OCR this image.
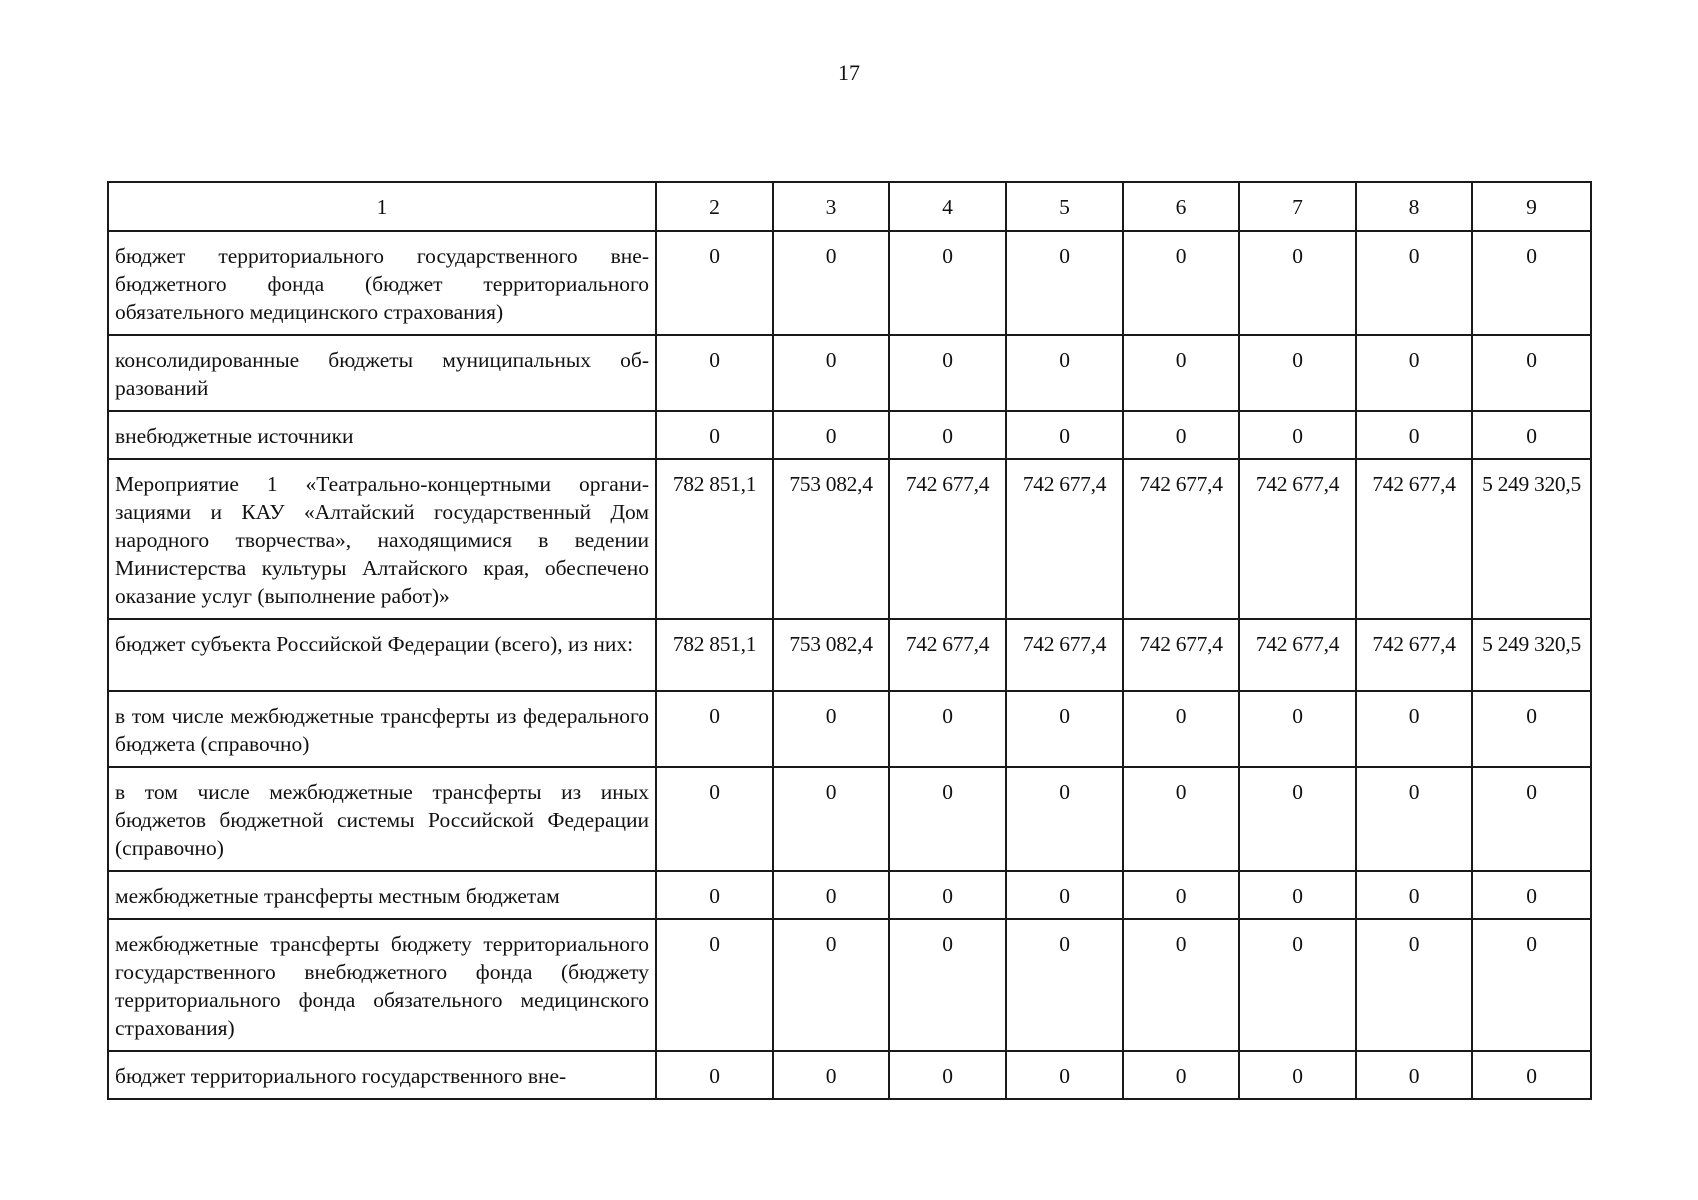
17
1	2	3	4	5	6	7	8	9
бюджет территориального государственного внебюджетного фонда (бюджет территориального обязательного медицинского страхования)	0	0	0	0	0	0	0	0
консолидированные бюджеты муниципальных образований	0	0	0	0	0	0	0	0
внебюджетные источники	0	0	0	0	0	0	0	0
Мероприятие 1 «Театрально-концертными организациями и КАУ «Алтайский государственный Дом народного творчества», находящимися в ведении Министерства культуры Алтайского края, обеспечено оказание услуг (выполнение работ)»	782 851,1	753 082,4	742 677,4	742 677,4	742 677,4	742 677,4	742 677,4	5 249 320,5
бюджет субъекта Российской Федерации (всего), из них:	782 851,1	753 082,4	742 677,4	742 677,4	742 677,4	742 677,4	742 677,4	5 249 320,5
в том числе межбюджетные трансферты из федерального бюджета (справочно)	0	0	0	0	0	0	0	0
в том числе межбюджетные трансферты из иных бюджетов бюджетной системы Российской Федерации (справочно)	0	0	0	0	0	0	0	0
межбюджетные трансферты местным бюджетам	0	0	0	0	0	0	0	0
межбюджетные трансферты бюджету территориального государственного внебюджетного фонда (бюджету территориального фонда обязательного медицинского страхования)	0	0	0	0	0	0	0	0
бюджет территориального государственного вне-	0	0	0	0	0	0	0	0
